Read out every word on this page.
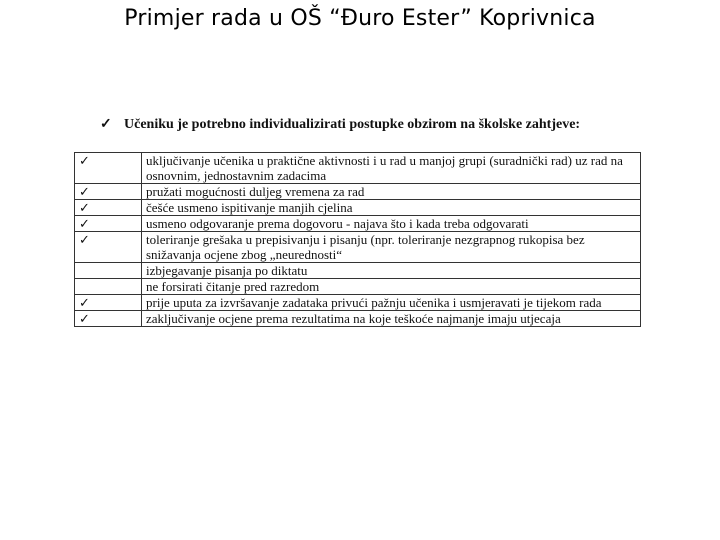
Primjer rada u OŠ “Đuro Ester” Koprivnica
✓ Učeniku je potrebno individualizirati postupke obzirom na školske zahtjeve:
✓	uključivanje učenika u praktične aktivnosti i u rad u manjoj grupi (suradnički rad) uz rad na osnovnim, jednostavnim zadacima
✓	pružati mogućnosti duljeg vremena za rad
✓	češće usmeno ispitivanje manjih cjelina
✓	usmeno odgovaranje prema dogovoru - najava što i kada treba odgovarati
✓	toleriranje grešaka u prepisivanju i pisanju (npr. toleriranje nezgrapnog rukopisa bez snižavanja ocjene zbog „neurednosti“
	izbjegavanje pisanja po diktatu
	ne forsirati čitanje pred razredom
✓	prije uputa za izvršavanje zadataka privući pažnju učenika i usmjeravati je tijekom rada
✓	zaključivanje ocjene prema rezultatima na koje teškoće najmanje imaju utjecaja
